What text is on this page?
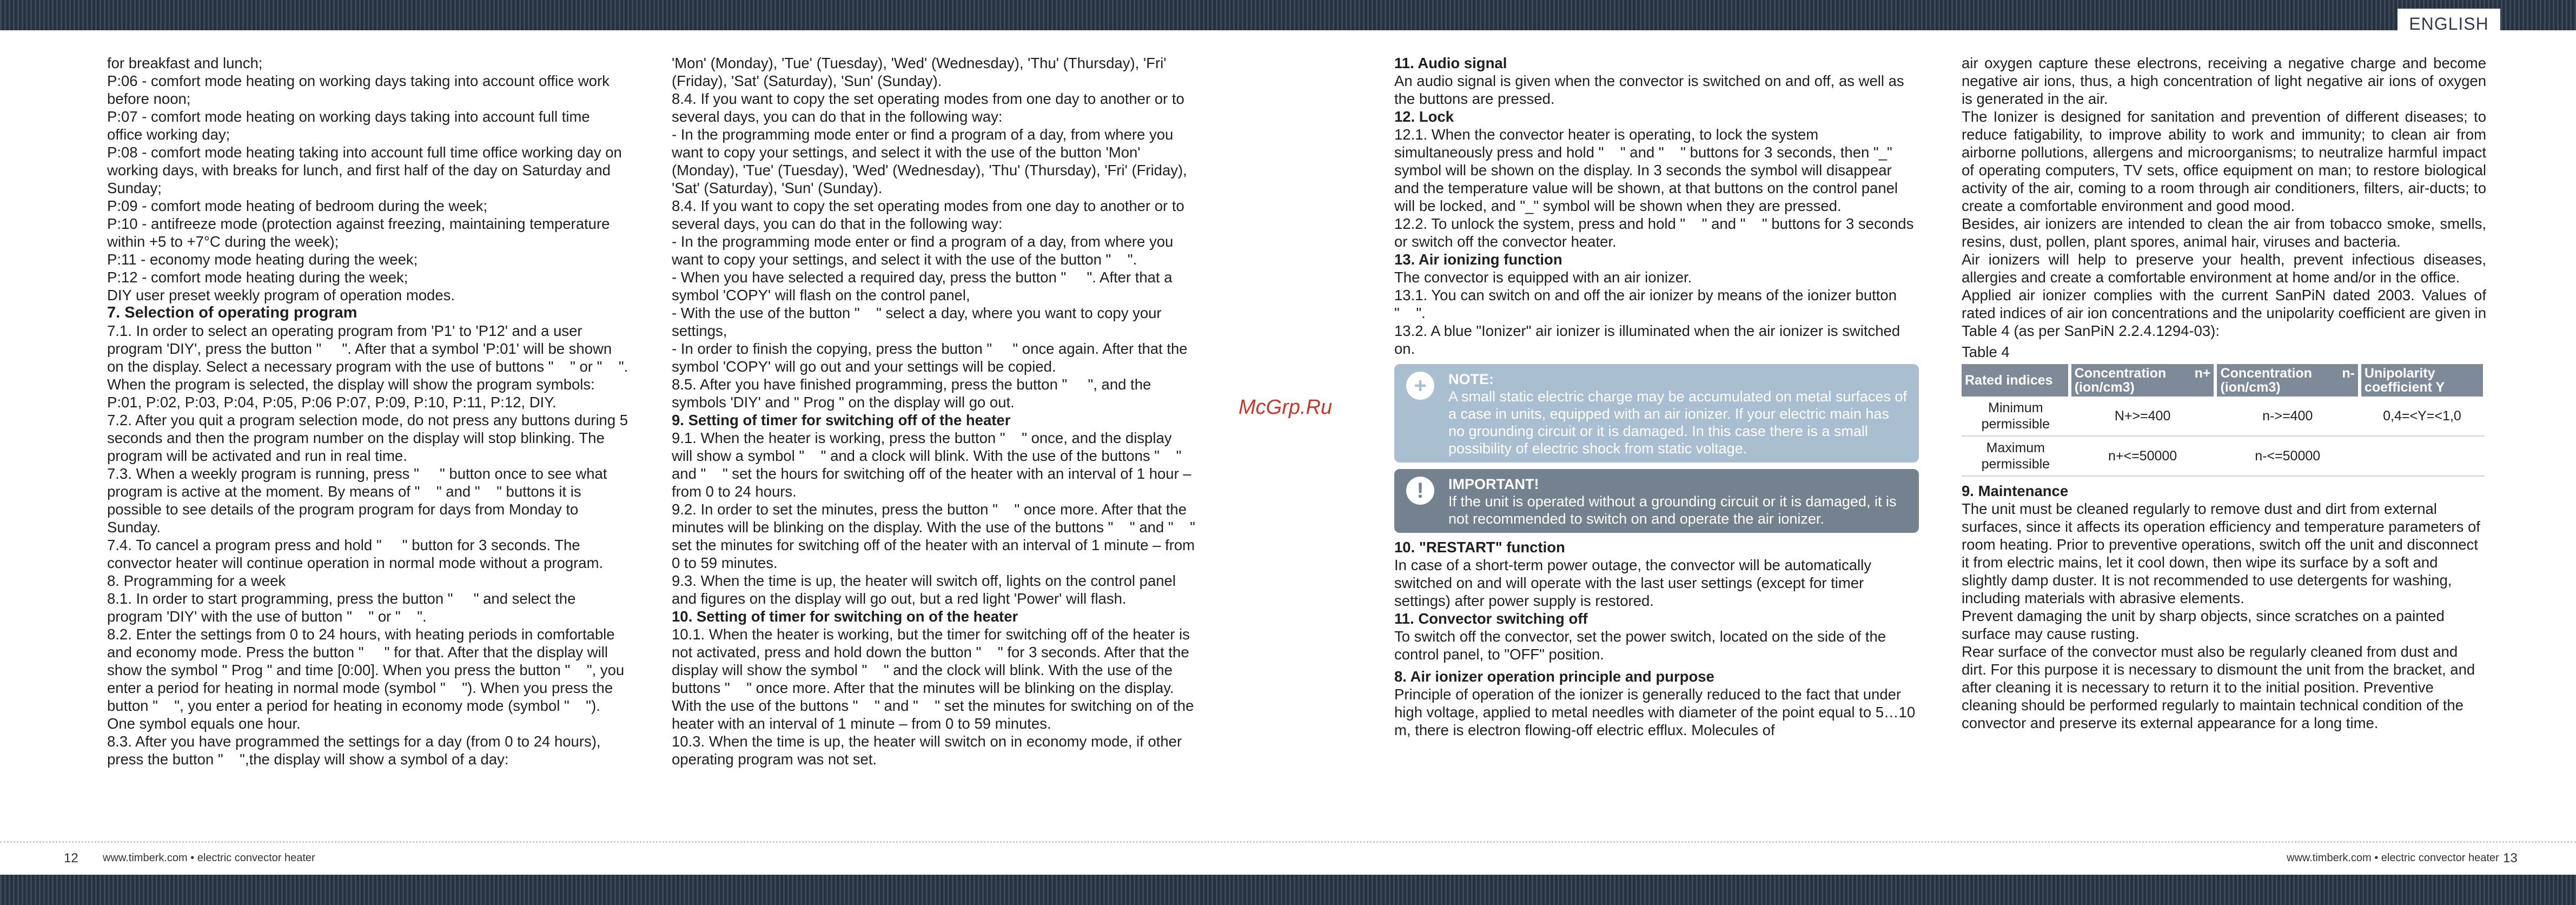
ENGLISH

for breakfast and lunch;

P:06 - comfort mode heating on working days taking into account office work before noon;

P:07 - comfort mode heating on working days taking into account full time office working day;

P:08 - comfort mode heating taking into account full time office working day on working days, with breaks for lunch, and first half of the day on Saturday and Sunday;

P:09 - comfort mode heating of bedroom during the week;

P:10 - antifreeze mode (protection against freezing, maintaining temperature within +5 to +7°C during the week);

P:11 - economy mode heating during the week;

P:12 - comfort mode heating during the week;

DIY user preset weekly program of operation modes.

7. Selection of operating program

7.1. In order to select an operating program from 'P1' to 'P12' and a user program 'DIY', press the button "     ". After that a symbol 'P:01' will be shown on the display. Select a necessary program with the use of buttons "    " or "    ". When the program is selected, the display will show the program symbols: P:01, P:02, P:03, P:04, P:05, P:06 P:07, P:09, P:10, P:11, P:12, DIY.

7.2. After you quit a program selection mode, do not press any buttons during 5 seconds and then the program number on the display will stop blinking. The program will be activated and run in real time.

7.3. When a weekly program is running, press "     " button once to see what program is active at the moment. By means of "    " and "    " buttons it is possible to see details of the program program for days from Monday to Sunday.

7.4. To cancel a program press and hold "     " button for 3 seconds. The convector heater will continue operation in normal mode without a program.

8. Programming for a week

8.1. In order to start programming, press the button "     " and select the program 'DIY' with the use of button "    " or "    ".

8.2. Enter the settings from 0 to 24 hours, with heating periods in comfortable and economy mode. Press the button "     " for that. After that the display will show the symbol " Prog " and time [0:00]. When you press the button "    ", you enter a period for heating in normal mode (symbol "    "). When you press the button "    ", you enter a period for heating in economy mode (symbol "    "). One symbol equals one hour.

8.3. After you have programmed the settings for a day (from 0 to 24 hours), press the button "    ",the display will show a symbol of a day:

'Mon' (Monday), 'Tue' (Tuesday), 'Wed' (Wednesday), 'Thu' (Thursday), 'Fri' (Friday), 'Sat' (Saturday), 'Sun' (Sunday).

8.4. If you want to copy the set operating modes from one day to another or to several days, you can do that in the following way:

- In the programming mode enter or find a program of a day, from where you want to copy your settings, and select it with the use of the button 'Mon' (Monday), 'Tue' (Tuesday), 'Wed' (Wednesday), 'Thu' (Thursday), 'Fri' (Friday), 'Sat' (Saturday), 'Sun' (Sunday).

8.4. If you want to copy the set operating modes from one day to another or to several days, you can do that in the following way:

- In the programming mode enter or find a program of a day, from where you want to copy your settings, and select it with the use of the button "    ".

- When you have selected a required day, press the button "     ". After that a symbol 'COPY' will flash on the control panel,

- With the use of the button "    " select a day, where you want to copy your settings,

- In order to finish the copying, press the button "     " once again. After that the symbol 'COPY' will go out and your settings will be copied.

8.5. After you have finished programming, press the button "     ", and the symbols 'DIY' and " Prog " on the display will go out.

9. Setting of timer for switching off of the heater

9.1. When the heater is working, press the button "    " once, and the display will show a symbol "    " and a clock will blink. With the use of the buttons "    " and "    " set the hours for switching off of the heater with an interval of 1 hour – from 0 to 24 hours.

9.2. In order to set the minutes, press the button "    " once more. After that the minutes will be blinking on the display. With the use of the buttons "    " and "    " set the minutes for switching off of the heater with an interval of 1 minute – from 0 to 59 minutes.

9.3. When the time is up, the heater will switch off, lights on the control panel and figures on the display will go out, but a red light 'Power' will flash.

10. Setting of timer for switching on of the heater

10.1. When the heater is working, but the timer for switching off of the heater is not activated, press and hold down the button "    " for 3 seconds. After that the display will show the symbol "    " and the clock will blink. With the use of the buttons "    " once more. After that the minutes will be blinking on the display. With the use of the buttons "    " and "    " set the minutes for switching on of the heater with an interval of 1 minute – from 0 to 59 minutes.

10.3. When the time is up, the heater will switch on in economy mode, if other operating program was not set.

McGrp.Ru

11. Audio signal

An audio signal is given when the convector is switched on and off, as well as the buttons are pressed.

12. Lock

12.1. When the convector heater is operating, to lock the system simultaneously press and hold "    " and "    " buttons for 3 seconds, then "_" symbol will be shown on the display. In 3 seconds the symbol will disappear and the temperature value will be shown, at that buttons on the control panel will be locked, and "_" symbol will be shown when they are pressed.

12.2. To unlock the system, press and hold "    " and "    " buttons for 3 seconds or switch off the convector heater.

13. Air ionizing function

The convector is equipped with an air ionizer.

13.1. You can switch on and off the air ionizer by means of the ionizer button "    ".

13.2. A blue "Ionizer" air ionizer is illuminated when the air ionizer is switched on.

+	NOTE:
A small static electric charge may be accumulated on metal surfaces of a case in units, equipped with an air ionizer. If your electric main has no grounding circuit or it is damaged. In this case there is a small possibility of electric shock from static voltage.
!	IMPORTANT!
If the unit is operated without a grounding circuit or it is damaged, it is not recommended to switch on and operate the air ionizer.

10. "RESTART" function

In case of a short-term power outage, the convector will be automatically switched on and will operate with the last user settings (except for timer settings) after power supply is restored.

11. Convector switching off

To switch off the convector, set the power switch, located on the side of the control panel, to "OFF" position.

8. Air ionizer operation principle and purpose

Principle of operation of the ionizer is generally reduced to the fact that under high voltage, applied to metal needles with diameter of the point equal to 5…10 m, there is electron flowing-off electric efflux. Molecules of

air oxygen capture these electrons, receiving a negative charge and become negative air ions, thus, a high concentration of light negative air ions of oxygen is generated in the air.

The Ionizer is designed for sanitation and prevention of different diseases; to reduce fatigability, to improve ability to work and immunity; to clean air from airborne pollutions, allergens and microorganisms; to neutralize harmful impact of operating computers, TV sets, office equipment on man; to restore biological activity of the air, coming to a room through air conditioners, filters, air-ducts; to create a comfortable environment and good mood.

Besides, air ionizers are intended to clean the air from tobacco smoke, smells, resins, dust, pollen, plant spores, animal hair, viruses and bacteria.

Air ionizers will help to preserve your health, prevent infectious diseases, allergies and create a comfortable environment at home and/or in the office.

Applied air ionizer complies with the current SanPiN dated 2003. Values of rated indices of air ion concentrations and the unipolarity coefficient are given in Table 4 (as per SanPiN 2.2.4.1294-03):

Table 4

Rated indices	Concentration n+ (ion/cm3)	Concentration n- (ion/cm3)	Unipolarity coefficient Y
Minimum permissible	N+>=400	n->=400	0,4=<Y=<1,0
Maximum permissible	n+<=50000	n-<=50000	

9. Maintenance

The unit must be cleaned regularly to remove dust and dirt from external surfaces, since it affects its operation efficiency and temperature parameters of room heating. Prior to preventive operations, switch off the unit and disconnect it from electric mains, let it cool down, then wipe its surface by a soft and slightly damp duster. It is not recommended to use detergents for washing, including materials with abrasive elements.

Prevent damaging the unit by sharp objects, since scratches on a painted surface may cause rusting.

Rear surface of the convector must also be regularly cleaned from dust and dirt. For this purpose it is necessary to dismount the unit from the bracket, and after cleaning it is necessary to return it to the initial position. Preventive cleaning should be performed regularly to maintain technical condition of the convector and preserve its external appearance for a long time.

12 www.timberk.com • electric convector heater	www.timberk.com • electric convector heater 13
